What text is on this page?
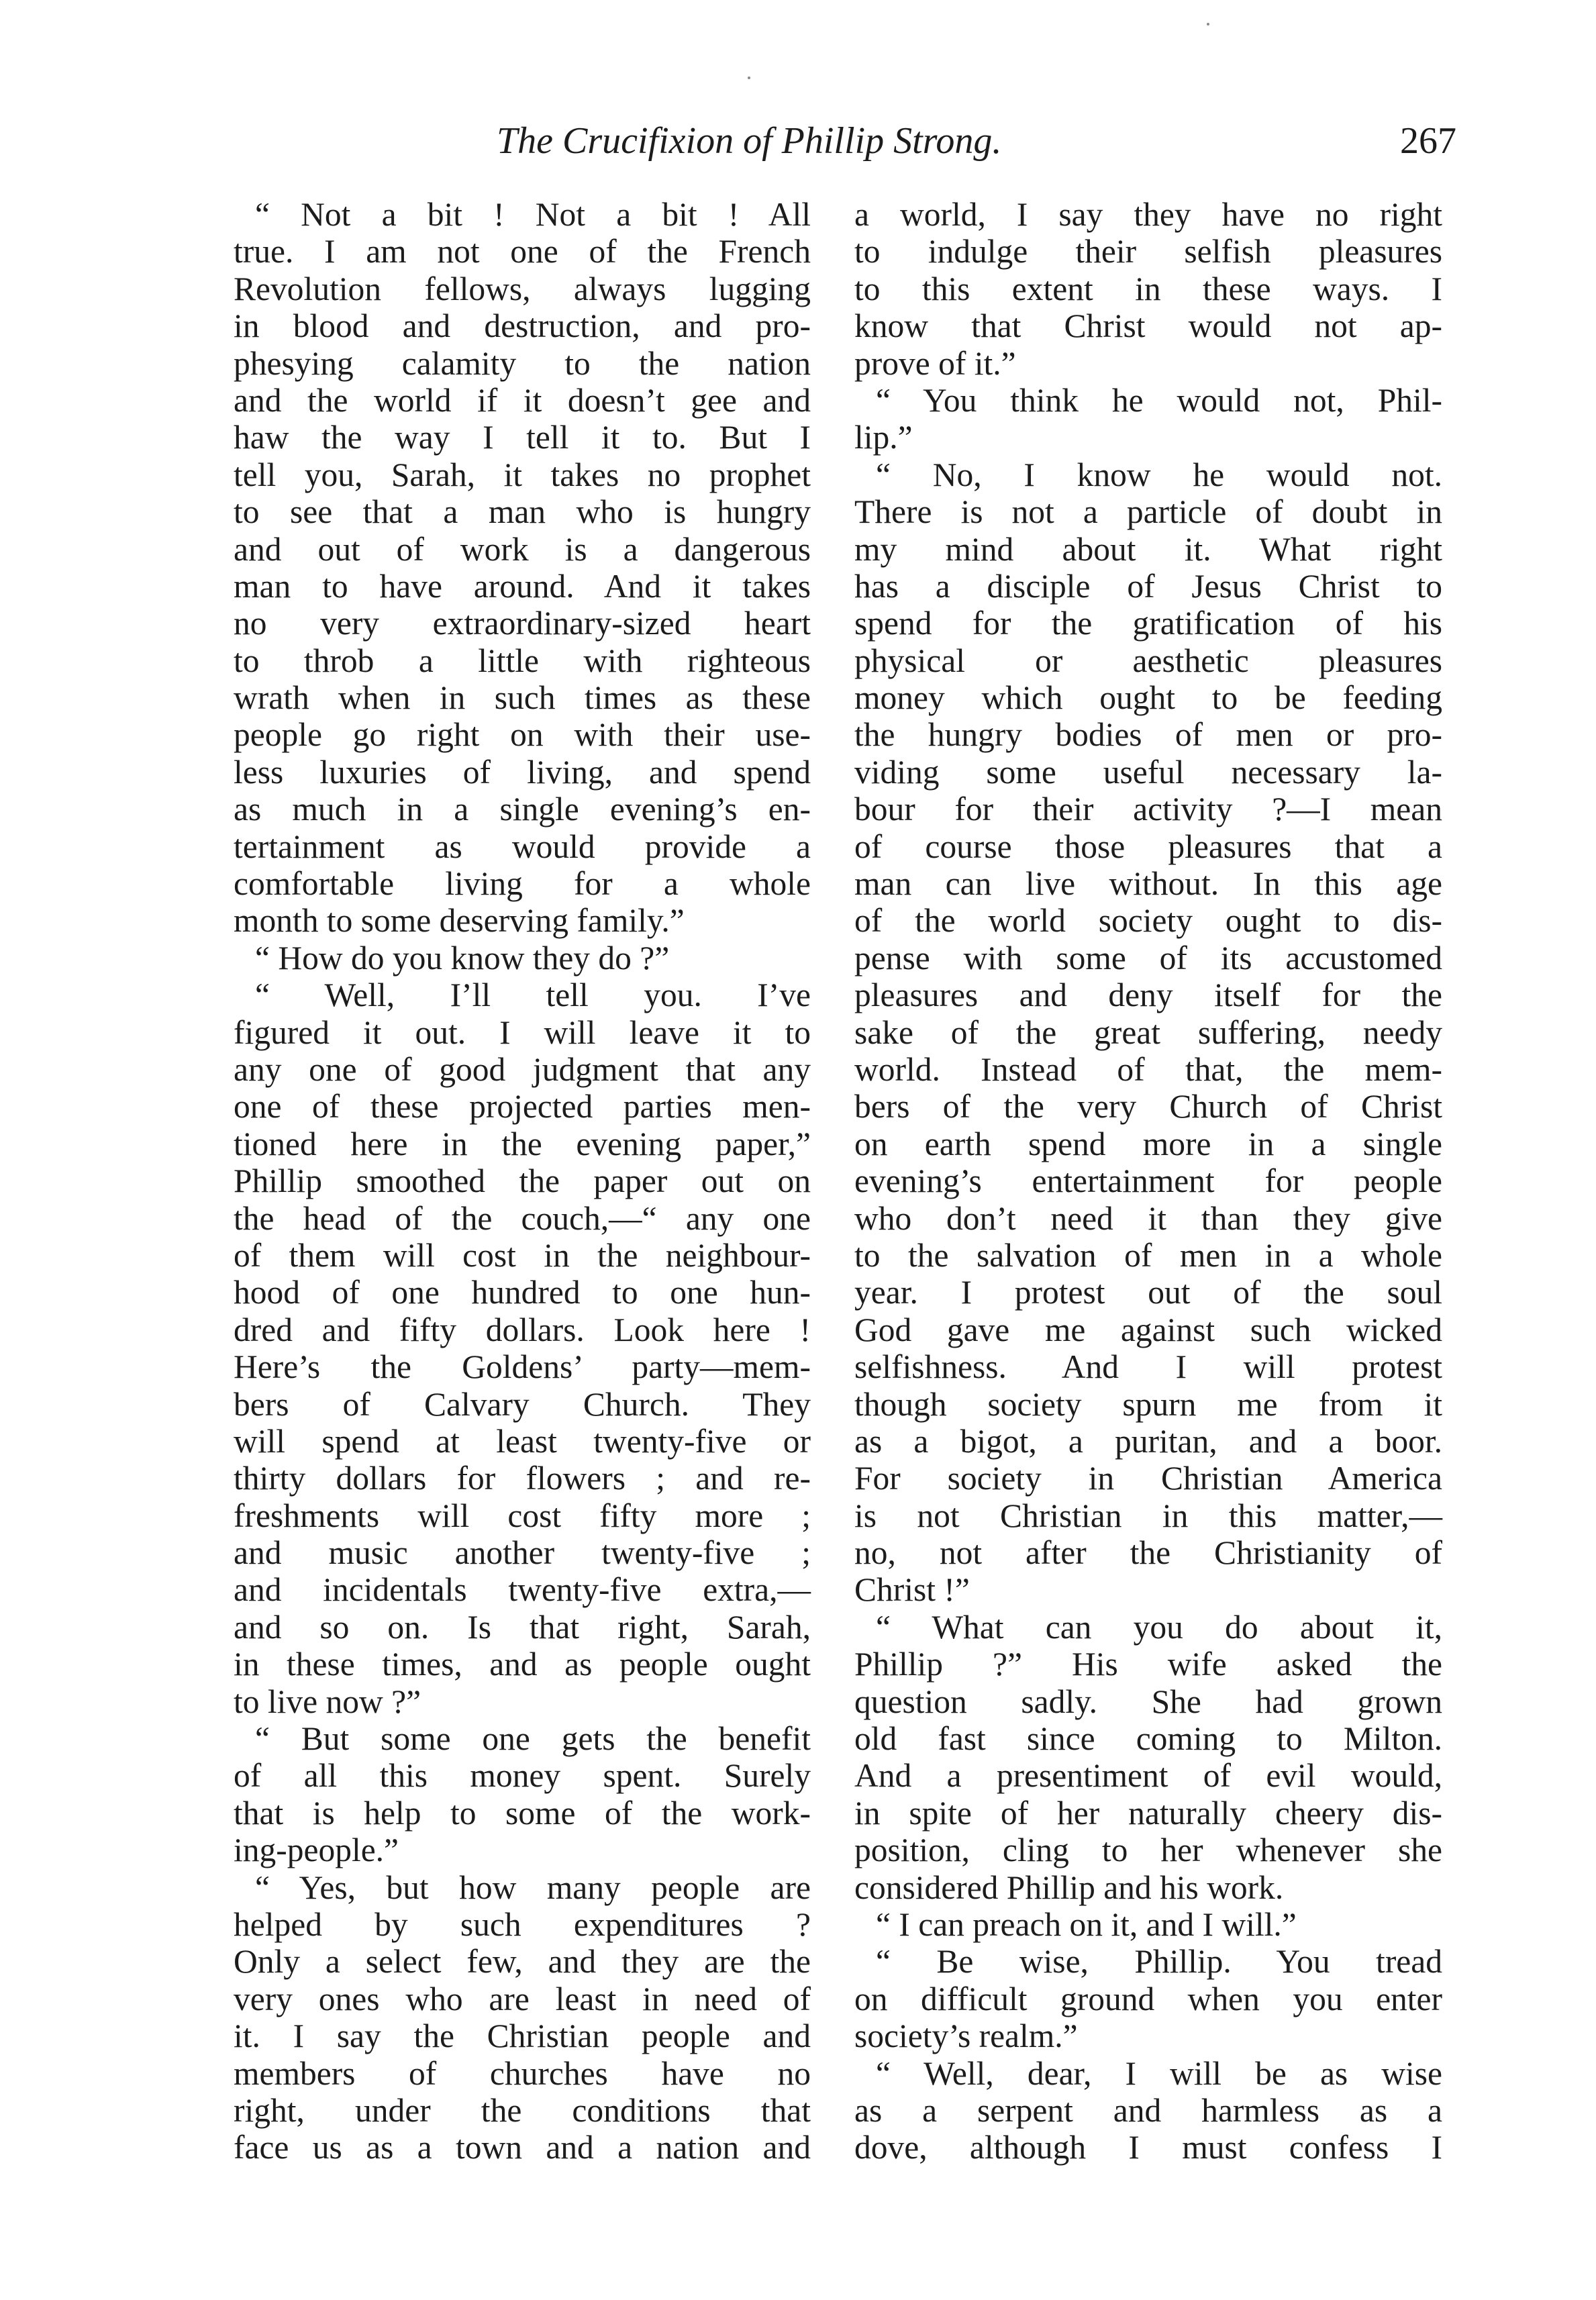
The Crucifixion of Phillip Strong.	267
“ Not a bit ! Not a bit ! All
true. I am not one of the French
Revolution fellows, always lugging
in blood and destruction, and pro-
phesying calamity to the nation
and the world if it doesn’t gee and
haw the way I tell it to. But I
tell you, Sarah, it takes no prophet
to see that a man who is hungry
and out of work is a dangerous
man to have around. And it takes
no very extraordinary-sized heart
to throb a little with righteous
wrath when in such times as these
people go right on with their use-
less luxuries of living, and spend
as much in a single evening’s en-
tertainment as would provide a
comfortable living for a whole
month to some deserving family.”
“ How do you know they do ?”
“ Well, I’ll tell you. I’ve
figured it out. I will leave it to
any one of good judgment that any
one of these projected parties men-
tioned here in the evening paper,”
Phillip smoothed the paper out on
the head of the couch,—“ any one
of them will cost in the neighbour-
hood of one hundred to one hun-
dred and fifty dollars. Look here !
Here’s the Goldens’ party—mem-
bers of Calvary Church. They
will spend at least twenty-five or
thirty dollars for flowers ; and re-
freshments will cost fifty more ;
and music another twenty-five ;
and incidentals twenty-five extra,—
and so on. Is that right, Sarah,
in these times, and as people ought
to live now ?”
“ But some one gets the benefit
of all this money spent. Surely
that is help to some of the work-
ing-people.”
“ Yes, but how many people are
helped by such expenditures ?
Only a select few, and they are the
very ones who are least in need of
it. I say the Christian people and
members of churches have no
right, under the conditions that
face us as a town and a nation and
a world, I say they have no right
to indulge their selfish pleasures
to this extent in these ways. I
know that Christ would not ap-
prove of it.”
“ You think he would not, Phil-
lip.”
“ No, I know he would not.
There is not a particle of doubt in
my mind about it. What right
has a disciple of Jesus Christ to
spend for the gratification of his
physical or aesthetic pleasures
money which ought to be feeding
the hungry bodies of men or pro-
viding some useful necessary la-
bour for their activity ?—I mean
of course those pleasures that a
man can live without. In this age
of the world society ought to dis-
pense with some of its accustomed
pleasures and deny itself for the
sake of the great suffering, needy
world. Instead of that, the mem-
bers of the very Church of Christ
on earth spend more in a single
evening’s entertainment for people
who don’t need it than they give
to the salvation of men in a whole
year. I protest out of the soul
God gave me against such wicked
selfishness. And I will protest
though society spurn me from it
as a bigot, a puritan, and a boor.
For society in Christian America
is not Christian in this matter,—
no, not after the Christianity of
Christ !”
“ What can you do about it,
Phillip ?” His wife asked the
question sadly. She had grown
old fast since coming to Milton.
And a presentiment of evil would,
in spite of her naturally cheery dis-
position, cling to her whenever she
considered Phillip and his work.
“ I can preach on it, and I will.”
“ Be wise, Phillip. You tread
on difficult ground when you enter
society’s realm.”
“ Well, dear, I will be as wise
as a serpent and harmless as a
dove, although I must confess I
